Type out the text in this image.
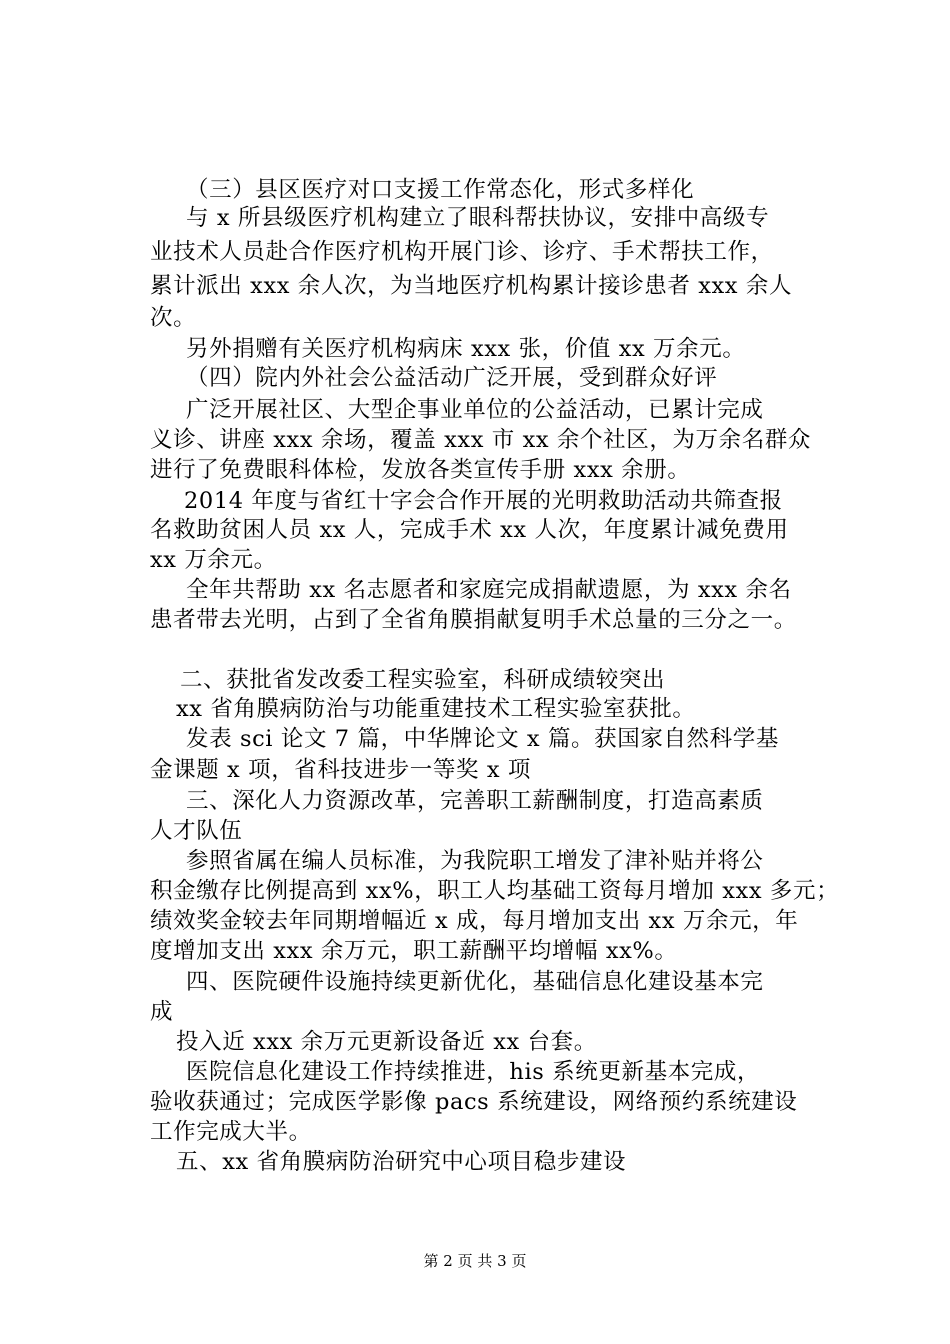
（三）县区医疗对口支援工作常态化，形式多样化
与 x 所县级医疗机构建立了眼科帮扶协议，安排中高级专
业技术人员赴合作医疗机构开展门诊、诊疗、手术帮扶工作，
累计派出 xxx 余人次，为当地医疗机构累计接诊患者 xxx 余人
次。
另外捐赠有关医疗机构病床 xxx 张，价值 xx 万余元。
（四）院内外社会公益活动广泛开展，受到群众好评
广泛开展社区、大型企事业单位的公益活动，已累计完成
义诊、讲座 xxx 余场，覆盖 xxx 市 xx 余个社区，为万余名群众
进行了免费眼科体检，发放各类宣传手册 xxx 余册。
2014 年度与省红十字会合作开展的光明救助活动共筛查报
名救助贫困人员 xx 人，完成手术 xx 人次，年度累计减免费用
xx 万余元。
全年共帮助 xx 名志愿者和家庭完成捐献遗愿，为 xxx 余名
患者带去光明，占到了全省角膜捐献复明手术总量的三分之一。
二、获批省发改委工程实验室，科研成绩较突出
xx 省角膜病防治与功能重建技术工程实验室获批。
发表 sci 论文 7 篇，中华牌论文 x 篇。获国家自然科学基
金课题 x 项，省科技进步一等奖 x 项
三、深化人力资源改革，完善职工薪酬制度，打造高素质
人才队伍
参照省属在编人员标准，为我院职工增发了津补贴并将公
积金缴存比例提高到 xx%，职工人均基础工资每月增加 xxx 多元；
绩效奖金较去年同期增幅近 x 成，每月增加支出 xx 万余元，年
度增加支出 xxx 余万元，职工薪酬平均增幅 xx%。
四、医院硬件设施持续更新优化，基础信息化建设基本完
成
投入近 xxx 余万元更新设备近 xx 台套。
医院信息化建设工作持续推进，his 系统更新基本完成，
验收获通过；完成医学影像 pacs 系统建设，网络预约系统建设
工作完成大半。
五、xx 省角膜病防治研究中心项目稳步建设
第 2 页 共 3 页
